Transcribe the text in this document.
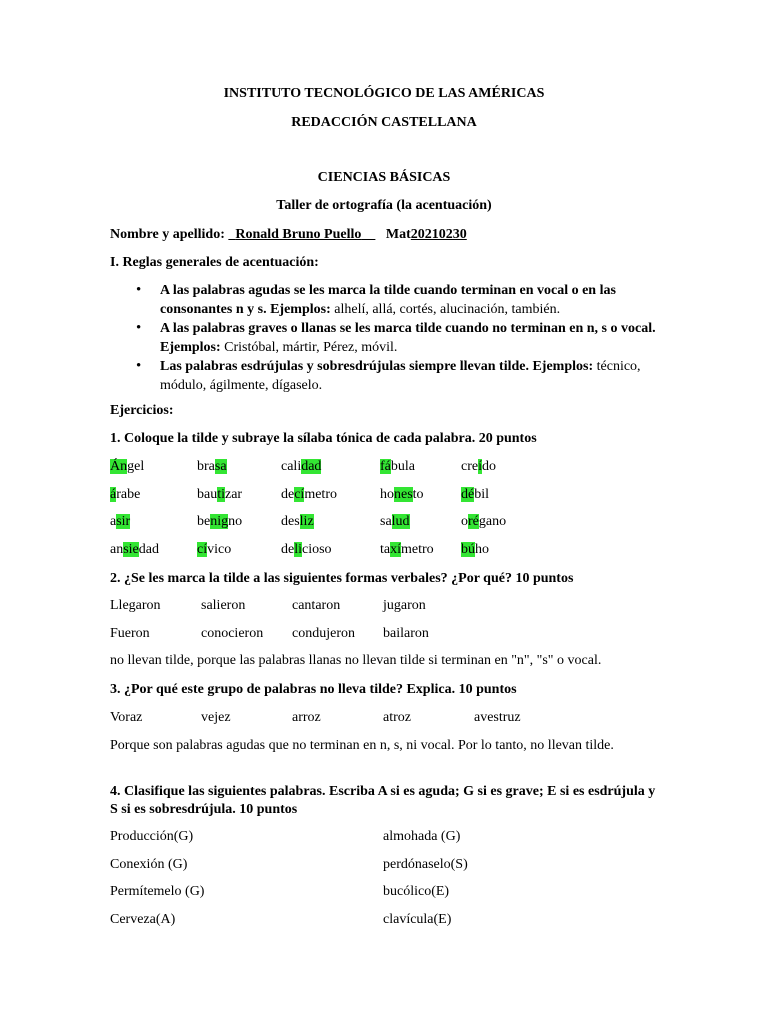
INSTITUTO TECNOLÓGICO DE LAS AMÉRICAS
REDACCIÓN CASTELLANA
CIENCIAS BÁSICAS
Taller de ortografía (la acentuación)
Nombre y apellido: Ronald Bruno Puello Mat20210230
I. Reglas generales de acentuación:
• A las palabras agudas se les marca la tilde cuando terminan en vocal o en las consonantes n y s. Ejemplos: alhelí, allá, cortés, alucinación, también.
• A las palabras graves o llanas se les marca tilde cuando no terminan en n, s o vocal. Ejemplos: Cristóbal, mártir, Pérez, móvil.
• Las palabras esdrújulas y sobresdrújulas siempre llevan tilde. Ejemplos: técnico, módulo, ágilmente, dígaselo.
Ejercicios:
1. Coloque la tilde y subraye la sílaba tónica de cada palabra. 20 puntos
Ángel	brasa	calidad	fábula	creído
árabe	bautizar	decímetro	honesto	débil
asir	benigno	desliz	salud	orégano
ansiedad	cívico	delicioso	taxímetro búho
2. ¿Se les marca la tilde a las siguientes formas verbales? ¿Por qué? 10 puntos
Llegaron	salieron	cantaron	jugaron
Fueron	conocieron condujeron bailaron
no llevan tilde, porque las palabras llanas no llevan tilde si terminan en "n", "s" o vocal.
3. ¿Por qué este grupo de palabras no lleva tilde? Explica. 10 puntos
Voraz	vejez	arroz	atroz	avestruz
Porque son palabras agudas que no terminan en n, s, ni vocal. Por lo tanto, no llevan tilde.
4. Clasifique las siguientes palabras. Escriba A si es aguda; G si es grave; E si es esdrújula y S si es sobresdrújula. 10 puntos
Producción(G)	almohada (G)
Conexión (G)	perdónaselo(S)
Permítemelo (G)	bucólico(E)
Cerveza(A)	clavícula(E)
